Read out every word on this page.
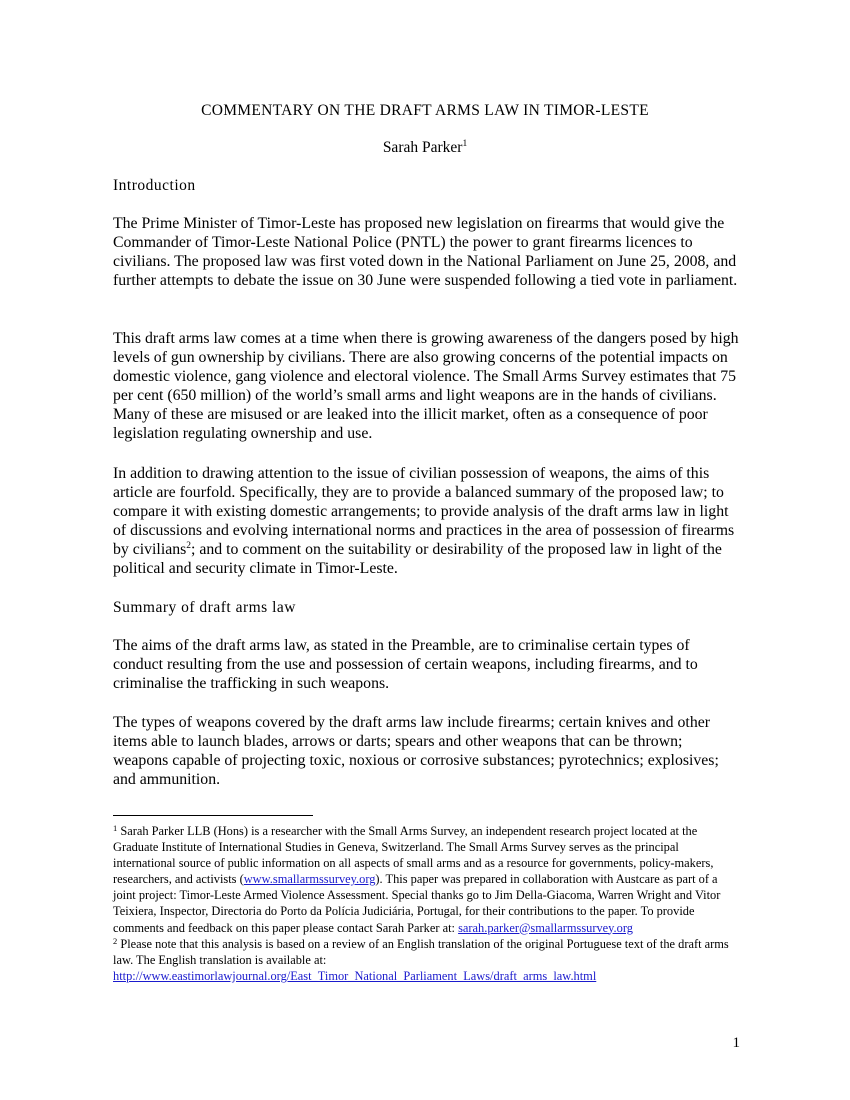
COMMENTARY ON THE DRAFT ARMS LAW IN TIMOR-LESTE
Sarah Parker$^1$
Introduction

The Prime Minister of Timor-Leste has proposed new legislation on firearms that would give the Commander of Timor-Leste National Police (PNTL) the power to grant firearms licences to civilians. The proposed law was first voted down in the National Parliament on June 25, 2008, and further attempts to debate the issue on 30 June were suspended following a tied vote in parliament.

This draft arms law comes at a time when there is growing awareness of the dangers posed by high levels of gun ownership by civilians. There are also growing concerns of the potential impacts on domestic violence, gang violence and electoral violence. The Small Arms Survey estimates that 75 per cent (650 million) of the world’s small arms and light weapons are in the hands of civilians. Many of these are misused or are leaked into the illicit market, often as a consequence of poor legislation regulating ownership and use.

In addition to drawing attention to the issue of civilian possession of weapons, the aims of this article are fourfold. Specifically, they are to provide a balanced summary of the proposed law; to compare it with existing domestic arrangements; to provide analysis of the draft arms law in light of discussions and evolving international norms and practices in the area of possession of firearms by civilians$^2$; and to comment on the suitability or desirability of the proposed law in light of the political and security climate in Timor-Leste.

Summary of draft arms law

The aims of the draft arms law, as stated in the Preamble, are to criminalise certain types of conduct resulting from the use and possession of certain weapons, including firearms, and to criminalise the trafficking in such weapons.

The types of weapons covered by the draft arms law include firearms; certain knives and other items able to launch blades, arrows or darts; spears and other weapons that can be thrown; weapons capable of projecting toxic, noxious or corrosive substances; pyrotechnics; explosives; and ammunition.

$^1$ Sarah Parker LLB (Hons) is a researcher with the Small Arms Survey, an independent research project located at the Graduate Institute of International Studies in Geneva, Switzerland. The Small Arms Survey serves as the principal international source of public information on all aspects of small arms and as a resource for governments, policy-makers, researchers, and activists (www.smallarmssurvey.org). This paper was prepared in collaboration with Austcare as part of a joint project: Timor-Leste Armed Violence Assessment. Special thanks go to Jim Della-Giacoma, Warren Wright and Vitor Teixiera, Inspector, Directoria do Porto da Polícia Judiciária, Portugal, for their contributions to the paper. To provide comments and feedback on this paper please contact Sarah Parker at: sarah.parker@smallarmssurvey.org

$^2$ Please note that this analysis is based on a review of an English translation of the original Portuguese text of the draft arms law. The English translation is available at:
http://www.eastimorlawjournal.org/East_Timor_National_Parliament_Laws/draft_arms_law.html

1
